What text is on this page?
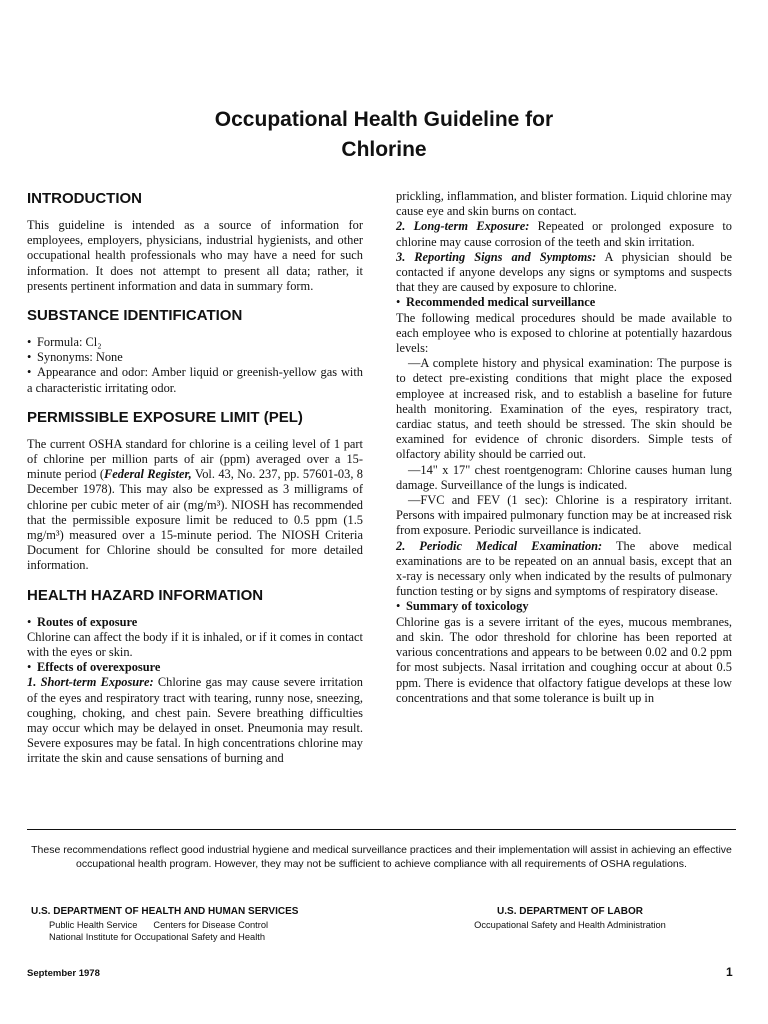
Occupational Health Guideline for
Chlorine
INTRODUCTION

This guideline is intended as a source of information for employees, employers, physicians, industrial hygienists, and other occupational health professionals who may have a need for such information. It does not attempt to present all data; rather, it presents pertinent information and data in summary form.

SUBSTANCE IDENTIFICATION

• Formula: Cl₂

• Synonyms: None

• Appearance and odor: Amber liquid or greenish-yellow gas with a characteristic irritating odor.

PERMISSIBLE EXPOSURE LIMIT (PEL)

The current OSHA standard for chlorine is a ceiling level of 1 part of chlorine per million parts of air (ppm) averaged over a 15-minute period (Federal Register, Vol. 43, No. 237, pp. 57601-03, 8 December 1978). This may also be expressed as 3 milligrams of chlorine per cubic meter of air (mg/m³). NIOSH has recommended that the permissible exposure limit be reduced to 0.5 ppm (1.5 mg/m³) measured over a 15-minute period. The NIOSH Criteria Document for Chlorine should be consulted for more detailed information.

HEALTH HAZARD INFORMATION

• Routes of exposure

Chlorine can affect the body if it is inhaled, or if it comes in contact with the eyes or skin.

• Effects of overexposure

1. Short-term Exposure: Chlorine gas may cause severe irritation of the eyes and respiratory tract with tearing, runny nose, sneezing, coughing, choking, and chest pain. Severe breathing difficulties may occur which may be delayed in onset. Pneumonia may result. Severe exposures may be fatal. In high concentrations chlorine may irritate the skin and cause sensations of burning and

prickling, inflammation, and blister formation. Liquid chlorine may cause eye and skin burns on contact.

2. Long-term Exposure: Repeated or prolonged exposure to chlorine may cause corrosion of the teeth and skin irritation.

3. Reporting Signs and Symptoms: A physician should be contacted if anyone develops any signs or symptoms and suspects that they are caused by exposure to chlorine.

• Recommended medical surveillance

The following medical procedures should be made available to each employee who is exposed to chlorine at potentially hazardous levels:

—A complete history and physical examination: The purpose is to detect pre-existing conditions that might place the exposed employee at increased risk, and to establish a baseline for future health monitoring. Examination of the eyes, respiratory tract, cardiac status, and teeth should be stressed. The skin should be examined for evidence of chronic disorders. Simple tests of olfactory ability should be carried out.

—14" x 17" chest roentgenogram: Chlorine causes human lung damage. Surveillance of the lungs is indicated.

—FVC and FEV (1 sec): Chlorine is a respiratory irritant. Persons with impaired pulmonary function may be at increased risk from exposure. Periodic surveillance is indicated.

2. Periodic Medical Examination: The above medical examinations are to be repeated on an annual basis, except that an x-ray is necessary only when indicated by the results of pulmonary function testing or by signs and symptoms of respiratory disease.

• Summary of toxicology

Chlorine gas is a severe irritant of the eyes, mucous membranes, and skin. The odor threshold for chlorine has been reported at various concentrations and appears to be between 0.02 and 0.2 ppm for most subjects. Nasal irritation and coughing occur at about 0.5 ppm. There is evidence that olfactory fatigue develops at these low concentrations and that some tolerance is built up in

These recommendations reflect good industrial hygiene and medical surveillance practices and their implementation will assist in achieving an effective occupational health program. However, they may not be sufficient to achieve compliance with all requirements of OSHA regulations.
U.S. DEPARTMENT OF HEALTH AND HUMAN SERVICES
Public Health Service Centers for Disease Control
National Institute for Occupational Safety and Health
U.S. DEPARTMENT OF LABOR
Occupational Safety and Health Administration
September 1978	1
